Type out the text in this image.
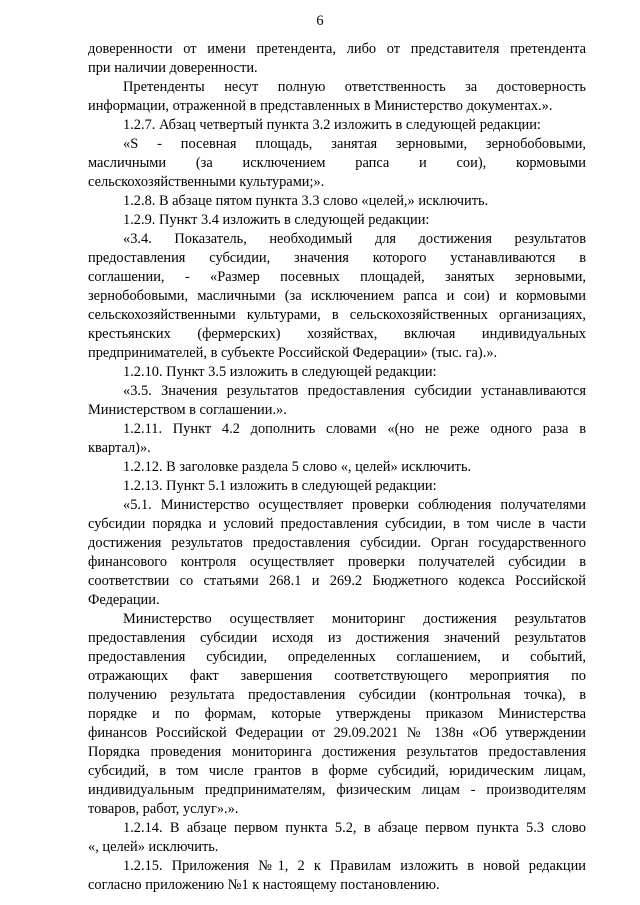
6
доверенности от имени претендента, либо от представителя претендента
при наличии доверенности.
Претенденты несут полную ответственность за достоверность
информации, отраженной в представленных в Министерство документах.».
1.2.7. Абзац четвертый пункта 3.2 изложить в следующей редакции:
«S - посевная площадь, занятая зерновыми, зернобобовыми,
масличными (за исключением рапса и сои), кормовыми
сельскохозяйственными культурами;».
1.2.8. В абзаце пятом пункта 3.3 слово «целей,» исключить.
1.2.9. Пункт 3.4 изложить в следующей редакции:
«3.4. Показатель, необходимый для достижения результатов
предоставления субсидии, значения которого устанавливаются в
соглашении, - «Размер посевных площадей, занятых зерновыми,
зернобобовыми, масличными (за исключением рапса и сои) и кормовыми
сельскохозяйственными культурами, в сельскохозяйственных организациях,
крестьянских (фермерских) хозяйствах, включая индивидуальных
предпринимателей, в субъекте Российской Федерации» (тыс. га).».
1.2.10. Пункт 3.5 изложить в следующей редакции:
«3.5. Значения результатов предоставления субсидии устанавливаются
Министерством в соглашении.».
1.2.11. Пункт 4.2 дополнить словами «(но не реже одного раза в
квартал)».
1.2.12. В заголовке раздела 5 слово «, целей» исключить.
1.2.13. Пункт 5.1 изложить в следующей редакции:
«5.1. Министерство осуществляет проверки соблюдения получателями
субсидии порядка и условий предоставления субсидии, в том числе в части
достижения результатов предоставления субсидии. Орган государственного
финансового контроля осуществляет проверки получателей субсидии в
соответствии со статьями 268.1 и 269.2 Бюджетного кодекса Российской
Федерации.
Министерство осуществляет мониторинг достижения результатов
предоставления субсидии исходя из достижения значений результатов
предоставления субсидии, определенных соглашением, и событий,
отражающих факт завершения соответствующего мероприятия по
получению результата предоставления субсидии (контрольная точка), в
порядке и по формам, которые утверждены приказом Министерства
финансов Российской Федерации от 29.09.2021 № 138н «Об утверждении
Порядка проведения мониторинга достижения результатов предоставления
субсидий, в том числе грантов в форме субсидий, юридическим лицам,
индивидуальным предпринимателям, физическим лицам - производителям
товаров, работ, услуг».».
1.2.14. В абзаце первом пункта 5.2, в абзаце первом пункта 5.3 слово
«, целей» исключить.
1.2.15. Приложения №1, 2 к Правилам изложить в новой редакции
согласно приложению №1 к настоящему постановлению.
